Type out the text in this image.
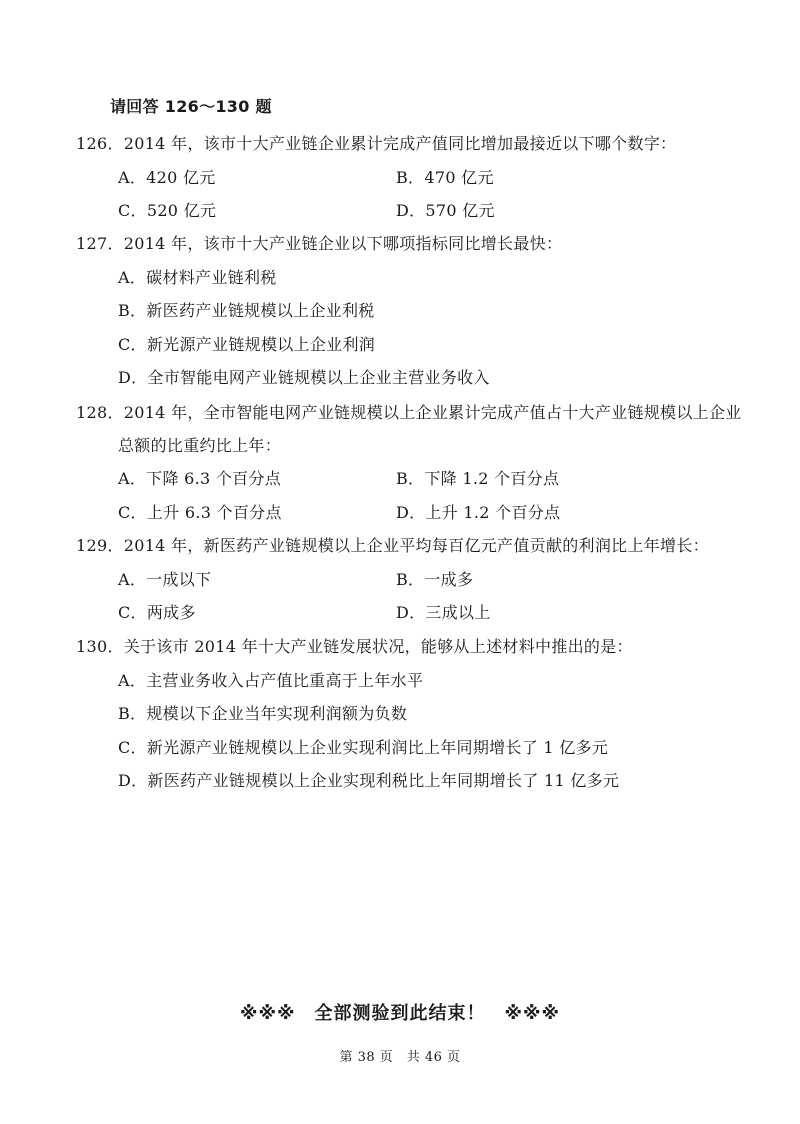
请回答 126～130 题
126．2014 年，该市十大产业链企业累计完成产值同比增加最接近以下哪个数字：
A．420 亿元	B．470 亿元
C．520 亿元	D．570 亿元
127．2014 年，该市十大产业链企业以下哪项指标同比增长最快：
A．碳材料产业链利税
B．新医药产业链规模以上企业利税
C．新光源产业链规模以上企业利润
D．全市智能电网产业链规模以上企业主营业务收入
128．2014 年，全市智能电网产业链规模以上企业累计完成产值占十大产业链规模以上企业
总额的比重约比上年：
A．下降 6.3 个百分点	B．下降 1.2 个百分点
C．上升 6.3 个百分点	D．上升 1.2 个百分点
129．2014 年，新医药产业链规模以上企业平均每百亿元产值贡献的利润比上年增长：
A．一成以下	B．一成多
C．两成多	D．三成以上
130．关于该市 2014 年十大产业链发展状况，能够从上述材料中推出的是：
A．主营业务收入占产值比重高于上年水平
B．规模以下企业当年实现利润额为负数
C．新光源产业链规模以上企业实现利润比上年同期增长了 1 亿多元
D．新医药产业链规模以上企业实现利税比上年同期增长了 11 亿多元
※※※　全部测验到此结束！　※※※
第 38 页　共 46 页
